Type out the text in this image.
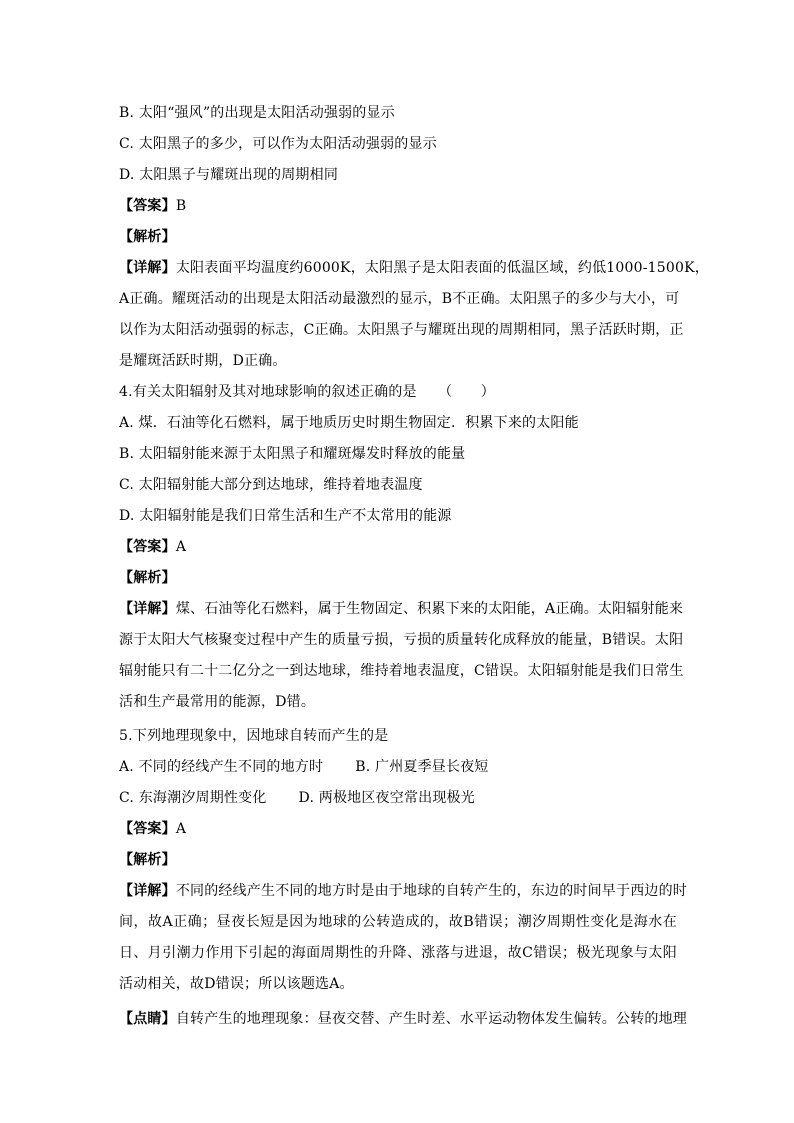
B. 太阳“强风”的出现是太阳活动强弱的显示
C. 太阳黑子的多少，可以作为太阳活动强弱的显示
D. 太阳黑子与耀斑出现的周期相同
【答案】B
【解析】
【详解】太阳表面平均温度约6000K，太阳黑子是太阳表面的低温区域，约低1000-1500K，
A正确。耀斑活动的出现是太阳活动最激烈的显示，B不正确。太阳黑子的多少与大小，可
以作为太阳活动强弱的标志，C正确。太阳黑子与耀斑出现的周期相同，黑子活跃时期，正
是耀斑活跃时期，D正确。
4.有关太阳辐射及其对地球影响的叙述正确的是　　（　　）
A. 煤．石油等化石燃料，属于地质历史时期生物固定．积累下来的太阳能
B. 太阳辐射能来源于太阳黑子和耀斑爆发时释放的能量
C. 太阳辐射能大部分到达地球，维持着地表温度
D. 太阳辐射能是我们日常生活和生产不太常用的能源
【答案】A
【解析】
【详解】煤、石油等化石燃料，属于生物固定、积累下来的太阳能，A正确。太阳辐射能来
源于太阳大气核聚变过程中产生的质量亏损，亏损的质量转化成释放的能量，B错误。太阳
辐射能只有二十二亿分之一到达地球，维持着地表温度，C错误。太阳辐射能是我们日常生
活和生产最常用的能源，D错。
5.下列地理现象中，因地球自转而产生的是
A. 不同的经线产生不同的地方时 B. 广州夏季昼长夜短
C. 东海潮汐周期性变化 D. 两极地区夜空常出现极光
【答案】A
【解析】
【详解】不同的经线产生不同的地方时是由于地球的自转产生的，东边的时间早于西边的时
间，故A正确；昼夜长短是因为地球的公转造成的，故B错误；潮汐周期性变化是海水在
日、月引潮力作用下引起的海面周期性的升降、涨落与进退，故C错误；极光现象与太阳
活动相关，故D错误；所以该题选A。
【点睛】自转产生的地理现象：昼夜交替、产生时差、水平运动物体发生偏转。公转的地理
